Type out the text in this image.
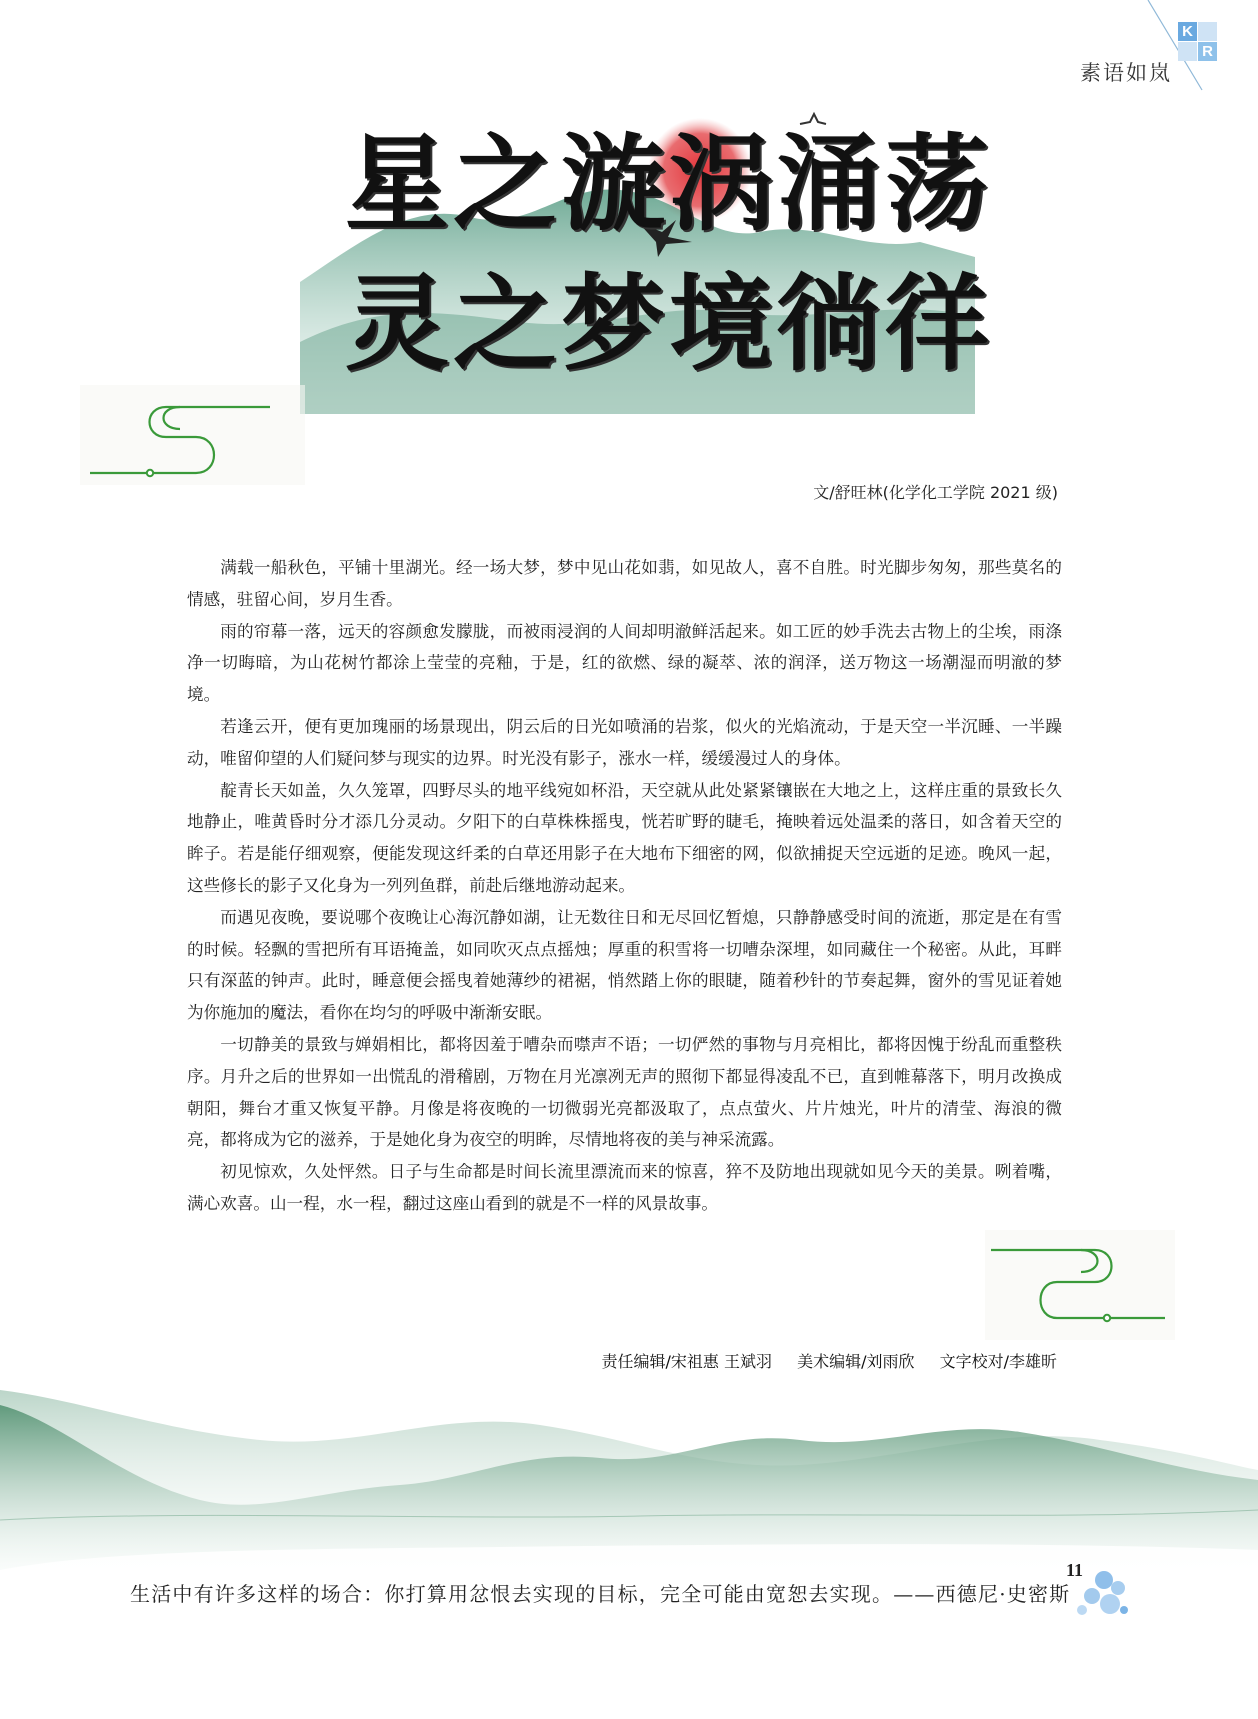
K
R
素语如岚
星之漩涡涌荡
灵之梦境徜徉
文/舒旺林(化学化工学院 2021 级)

满载一船秋色，平铺十里湖光。经一场大梦，梦中见山花如翡，如见故人，喜不自胜。时光脚步匆匆，那些莫名的情感，驻留心间，岁月生香。

雨的帘幕一落，远天的容颜愈发朦胧，而被雨浸润的人间却明澈鲜活起来。如工匠的妙手洗去古物上的尘埃，雨涤净一切晦暗，为山花树竹都涂上莹莹的亮釉，于是，红的欲燃、绿的凝萃、浓的润泽，送万物这一场潮湿而明澈的梦境。

若逢云开，便有更加瑰丽的场景现出，阴云后的日光如喷涌的岩浆，似火的光焰流动，于是天空一半沉睡、一半躁动，唯留仰望的人们疑问梦与现实的边界。时光没有影子，涨水一样，缓缓漫过人的身体。

靛青长天如盖，久久笼罩，四野尽头的地平线宛如杯沿，天空就从此处紧紧镶嵌在大地之上，这样庄重的景致长久地静止，唯黄昏时分才添几分灵动。夕阳下的白草株株摇曳，恍若旷野的睫毛，掩映着远处温柔的落日，如含着天空的眸子。若是能仔细观察，便能发现这纤柔的白草还用影子在大地布下细密的网，似欲捕捉天空远逝的足迹。晚风一起，这些修长的影子又化身为一列列鱼群，前赴后继地游动起来。

而遇见夜晚，要说哪个夜晚让心海沉静如湖，让无数往日和无尽回忆暂熄，只静静感受时间的流逝，那定是在有雪的时候。轻飘的雪把所有耳语掩盖，如同吹灭点点摇烛；厚重的积雪将一切嘈杂深埋，如同藏住一个秘密。从此，耳畔只有深蓝的钟声。此时，睡意便会摇曳着她薄纱的裙裾，悄然踏上你的眼睫，随着秒针的节奏起舞，窗外的雪见证着她为你施加的魔法，看你在均匀的呼吸中渐渐安眠。

一切静美的景致与婵娟相比，都将因羞于嘈杂而噤声不语；一切俨然的事物与月亮相比，都将因愧于纷乱而重整秩序。月升之后的世界如一出慌乱的滑稽剧，万物在月光凛冽无声的照彻下都显得凌乱不已，直到帷幕落下，明月改换成朝阳，舞台才重又恢复平静。月像是将夜晚的一切微弱光亮都汲取了，点点萤火、片片烛光，叶片的清莹、海浪的微亮，都将成为它的滋养，于是她化身为夜空的明眸，尽情地将夜的美与神采流露。

初见惊欢，久处怦然。日子与生命都是时间长流里漂流而来的惊喜，猝不及防地出现就如见今天的美景。咧着嘴，满心欢喜。山一程，水一程，翻过这座山看到的就是不一样的风景故事。

责任编辑/宋祖惠 王斌羽 美术编辑/刘雨欣 文字校对/李雄昕
生活中有许多这样的场合：你打算用忿恨去实现的目标，完全可能由宽恕去实现。——西德尼·史密斯
11
